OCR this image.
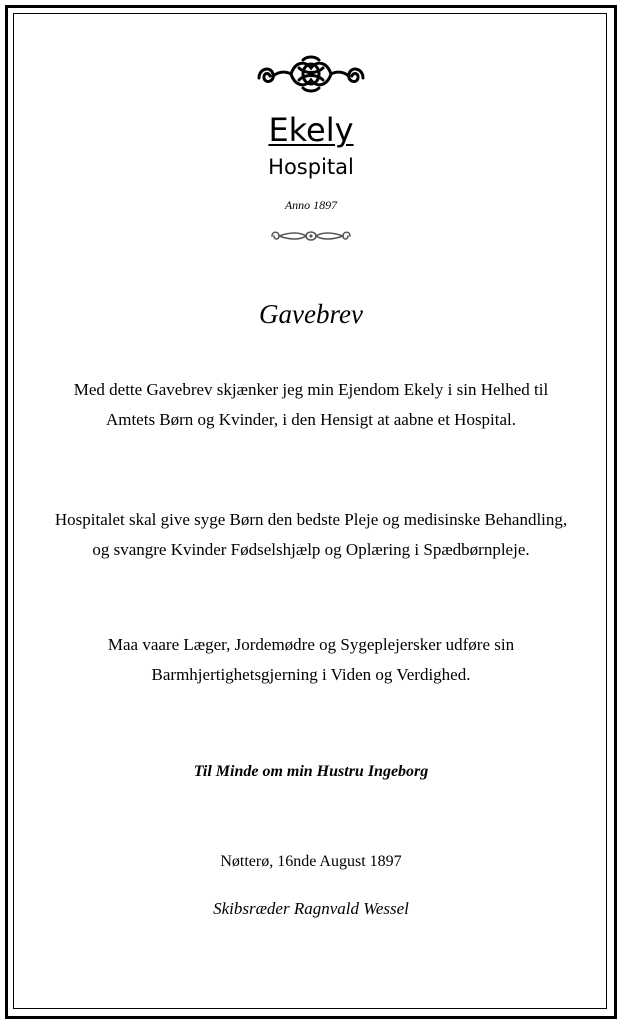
Ekely
Hospital
Anno 1897
Gavebrev
Med dette Gavebrev skjænker jeg min Ejendom Ekely i sin Helhed til
Amtets Børn og Kvinder, i den Hensigt at aabne et Hospital.
Hospitalet skal give syge Børn den bedste Pleje og medisinske Behandling,
og svangre Kvinder Fødselshjælp og Oplæring i Spædbørnpleje.
Maa vaare Læger, Jordemødre og Sygeplejersker udføre sin
Barmhjertighetsgjerning i Viden og Verdighed.
Til Minde om min Hustru Ingeborg
Nøtterø, 16nde August 1897
Skibsræder Ragnvald Wessel
